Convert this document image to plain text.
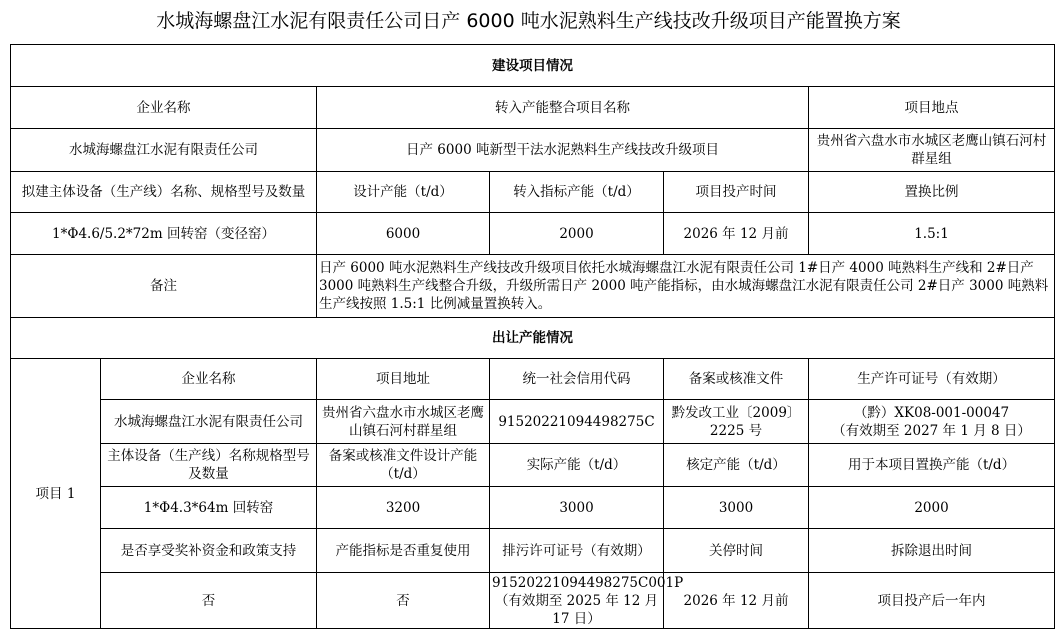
水城海螺盘江水泥有限责任公司日产 6000 吨水泥熟料生产线技改升级项目产能置换方案
建设项目情况					
企业名称		转入产能整合项目名称			项目地点
水城海螺盘江水泥有限责任公司		日产 6000 吨新型干法水泥熟料生产线技改升级项目			贵州省六盘水市水城区老鹰山镇石河村群星组
拟建主体设备（生产线）名称、规格型号及数量		设计产能（t/d）	转入指标产能（t/d）	项目投产时间	置换比例
1*Φ4.6/5.2*72m 回转窑（变径窑）		6000	2000	2026 年 12 月前	1.5:1
备注		日产 6000 吨水泥熟料生产线技改升级项目依托水城海螺盘江水泥有限责任公司 1#日产 4000 吨熟料生产线和 2#日产 3000 吨熟料生产线整合升级，升级所需日产 2000 吨产能指标，由水城海螺盘江水泥有限责任公司 2#日产 3000 吨熟料生产线按照 1.5:1 比例减量置换转入。			
出让产能情况					
项目 1	企业名称	项目地址	统一社会信用代码	备案或核准文件	生产许可证号（有效期）
	水城海螺盘江水泥有限责任公司	贵州省六盘水市水城区老鹰山镇石河村群星组	91520221094498275C	黔发改工业〔2009〕2225 号	（黔）XK08-001-00047
（有效期至 2027 年 1 月 8 日）

	主体设备（生产线）名称规格型号及数量	备案或核准文件设计产能（t/d）	实际产能（t/d）	核定产能（t/d）	用于本项目置换产能（t/d）
	1*Φ4.3*64m 回转窑	3200	3000	3000	2000
	是否享受奖补资金和政策支持	产能指标是否重复使用	排污许可证号（有效期）	关停时间	拆除退出时间
	否	否	91520221094498275C001P（有效期至 2025 年 12 月 17 日）	2026 年 12 月前	项目投产后一年内
